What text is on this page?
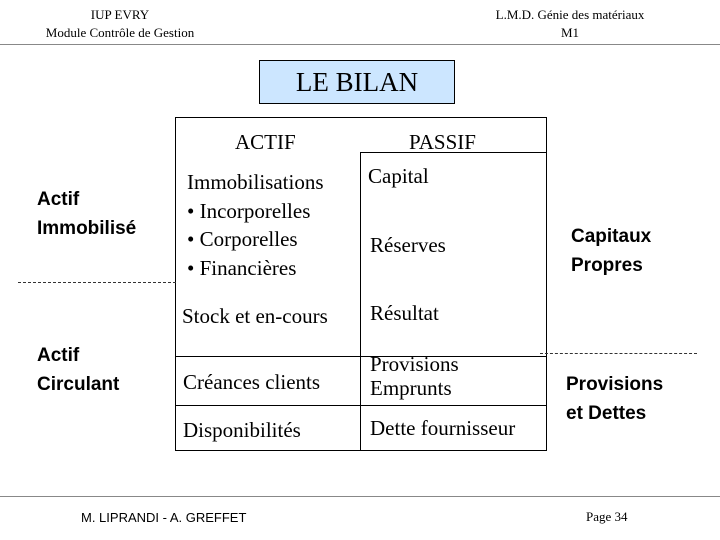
IUP EVRY
Module Contrôle de Gestion
L.M.D. Génie des matériaux
M1
LE BILAN
ACTIF	PASSIF
Immobilisations
• Incorporelles
• Corporelles
• Financières
Stock et en-cours
Créances clients
Disponibilités
Capital
Réserves
Résultat
Provisions
Emprunts
Dette fournisseur
Actif
Immobilisé
Actif
Circulant
Capitaux
Propres
Provisions
et Dettes
M. LIPRANDI - A. GREFFET	Page 34
